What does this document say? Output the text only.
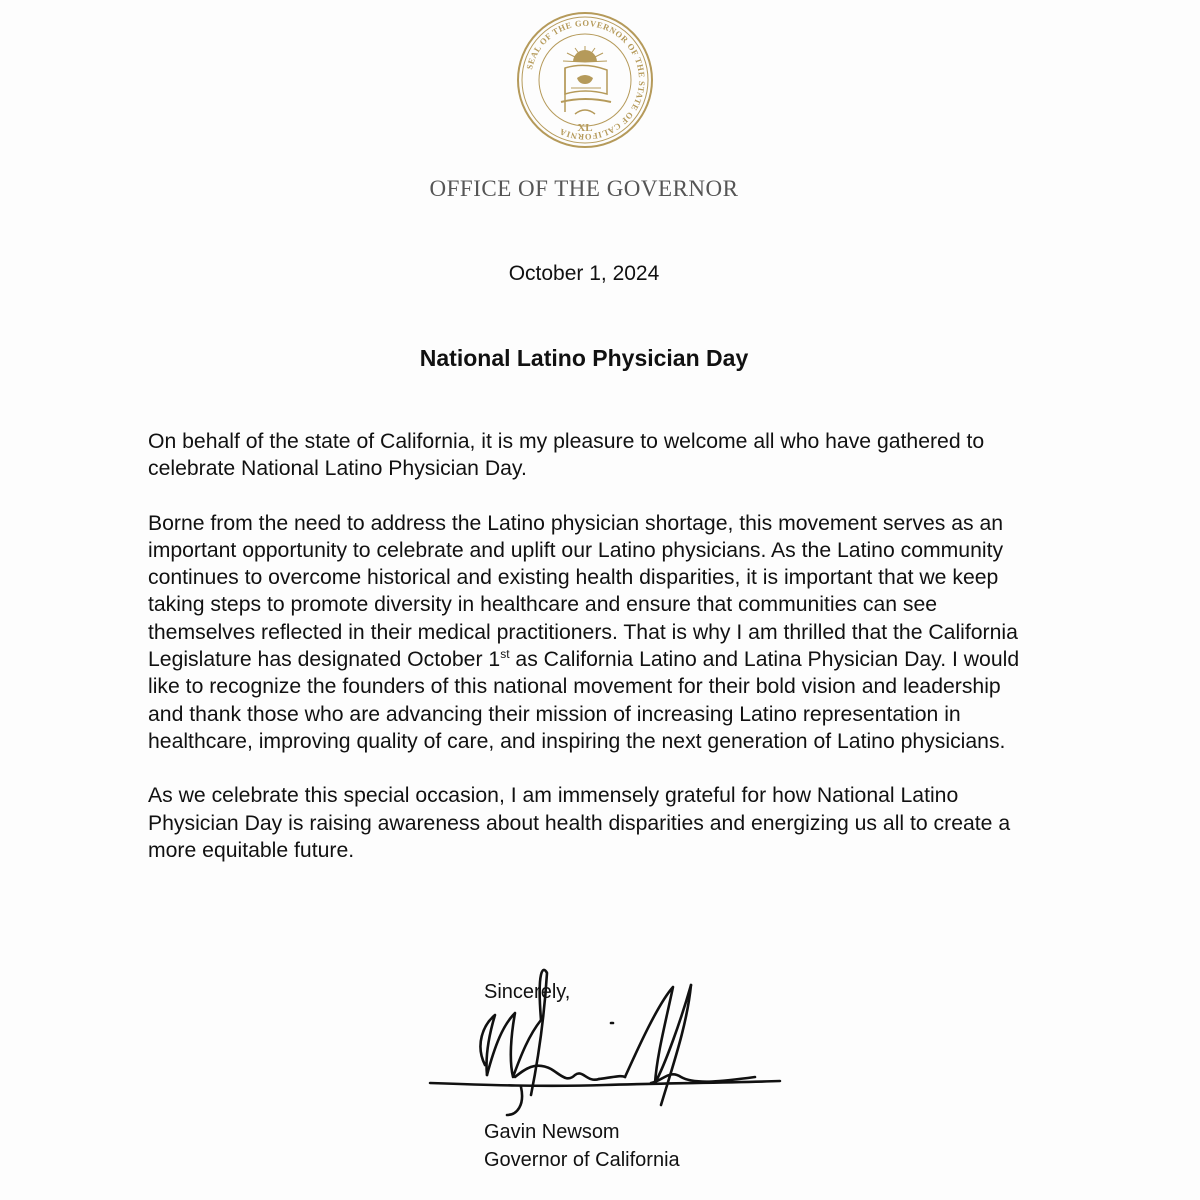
SEAL OF THE GOVERNOR OF THE STATE OF CALIFORNIA XL
OFFICE OF THE GOVERNOR
October 1, 2024
National Latino Physician Day

On behalf of the state of California, it is my pleasure to welcome all who have gathered to celebrate National Latino Physician Day.

Borne from the need to address the Latino physician shortage, this movement serves as an important opportunity to celebrate and uplift our Latino physicians. As the Latino community continues to overcome historical and existing health disparities, it is important that we keep taking steps to promote diversity in healthcare and ensure that communities can see themselves reflected in their medical practitioners. That is why I am thrilled that the California Legislature has designated October 1st as California Latino and Latina Physician Day. I would like to recognize the founders of this national movement for their bold vision and leadership and thank those who are advancing their mission of increasing Latino representation in healthcare, improving quality of care, and inspiring the next generation of Latino physicians.

As we celebrate this special occasion, I am immensely grateful for how National Latino Physician Day is raising awareness about health disparities and energizing us all to create a more equitable future.

Sincerely,
Gavin Newsom
Governor of California
